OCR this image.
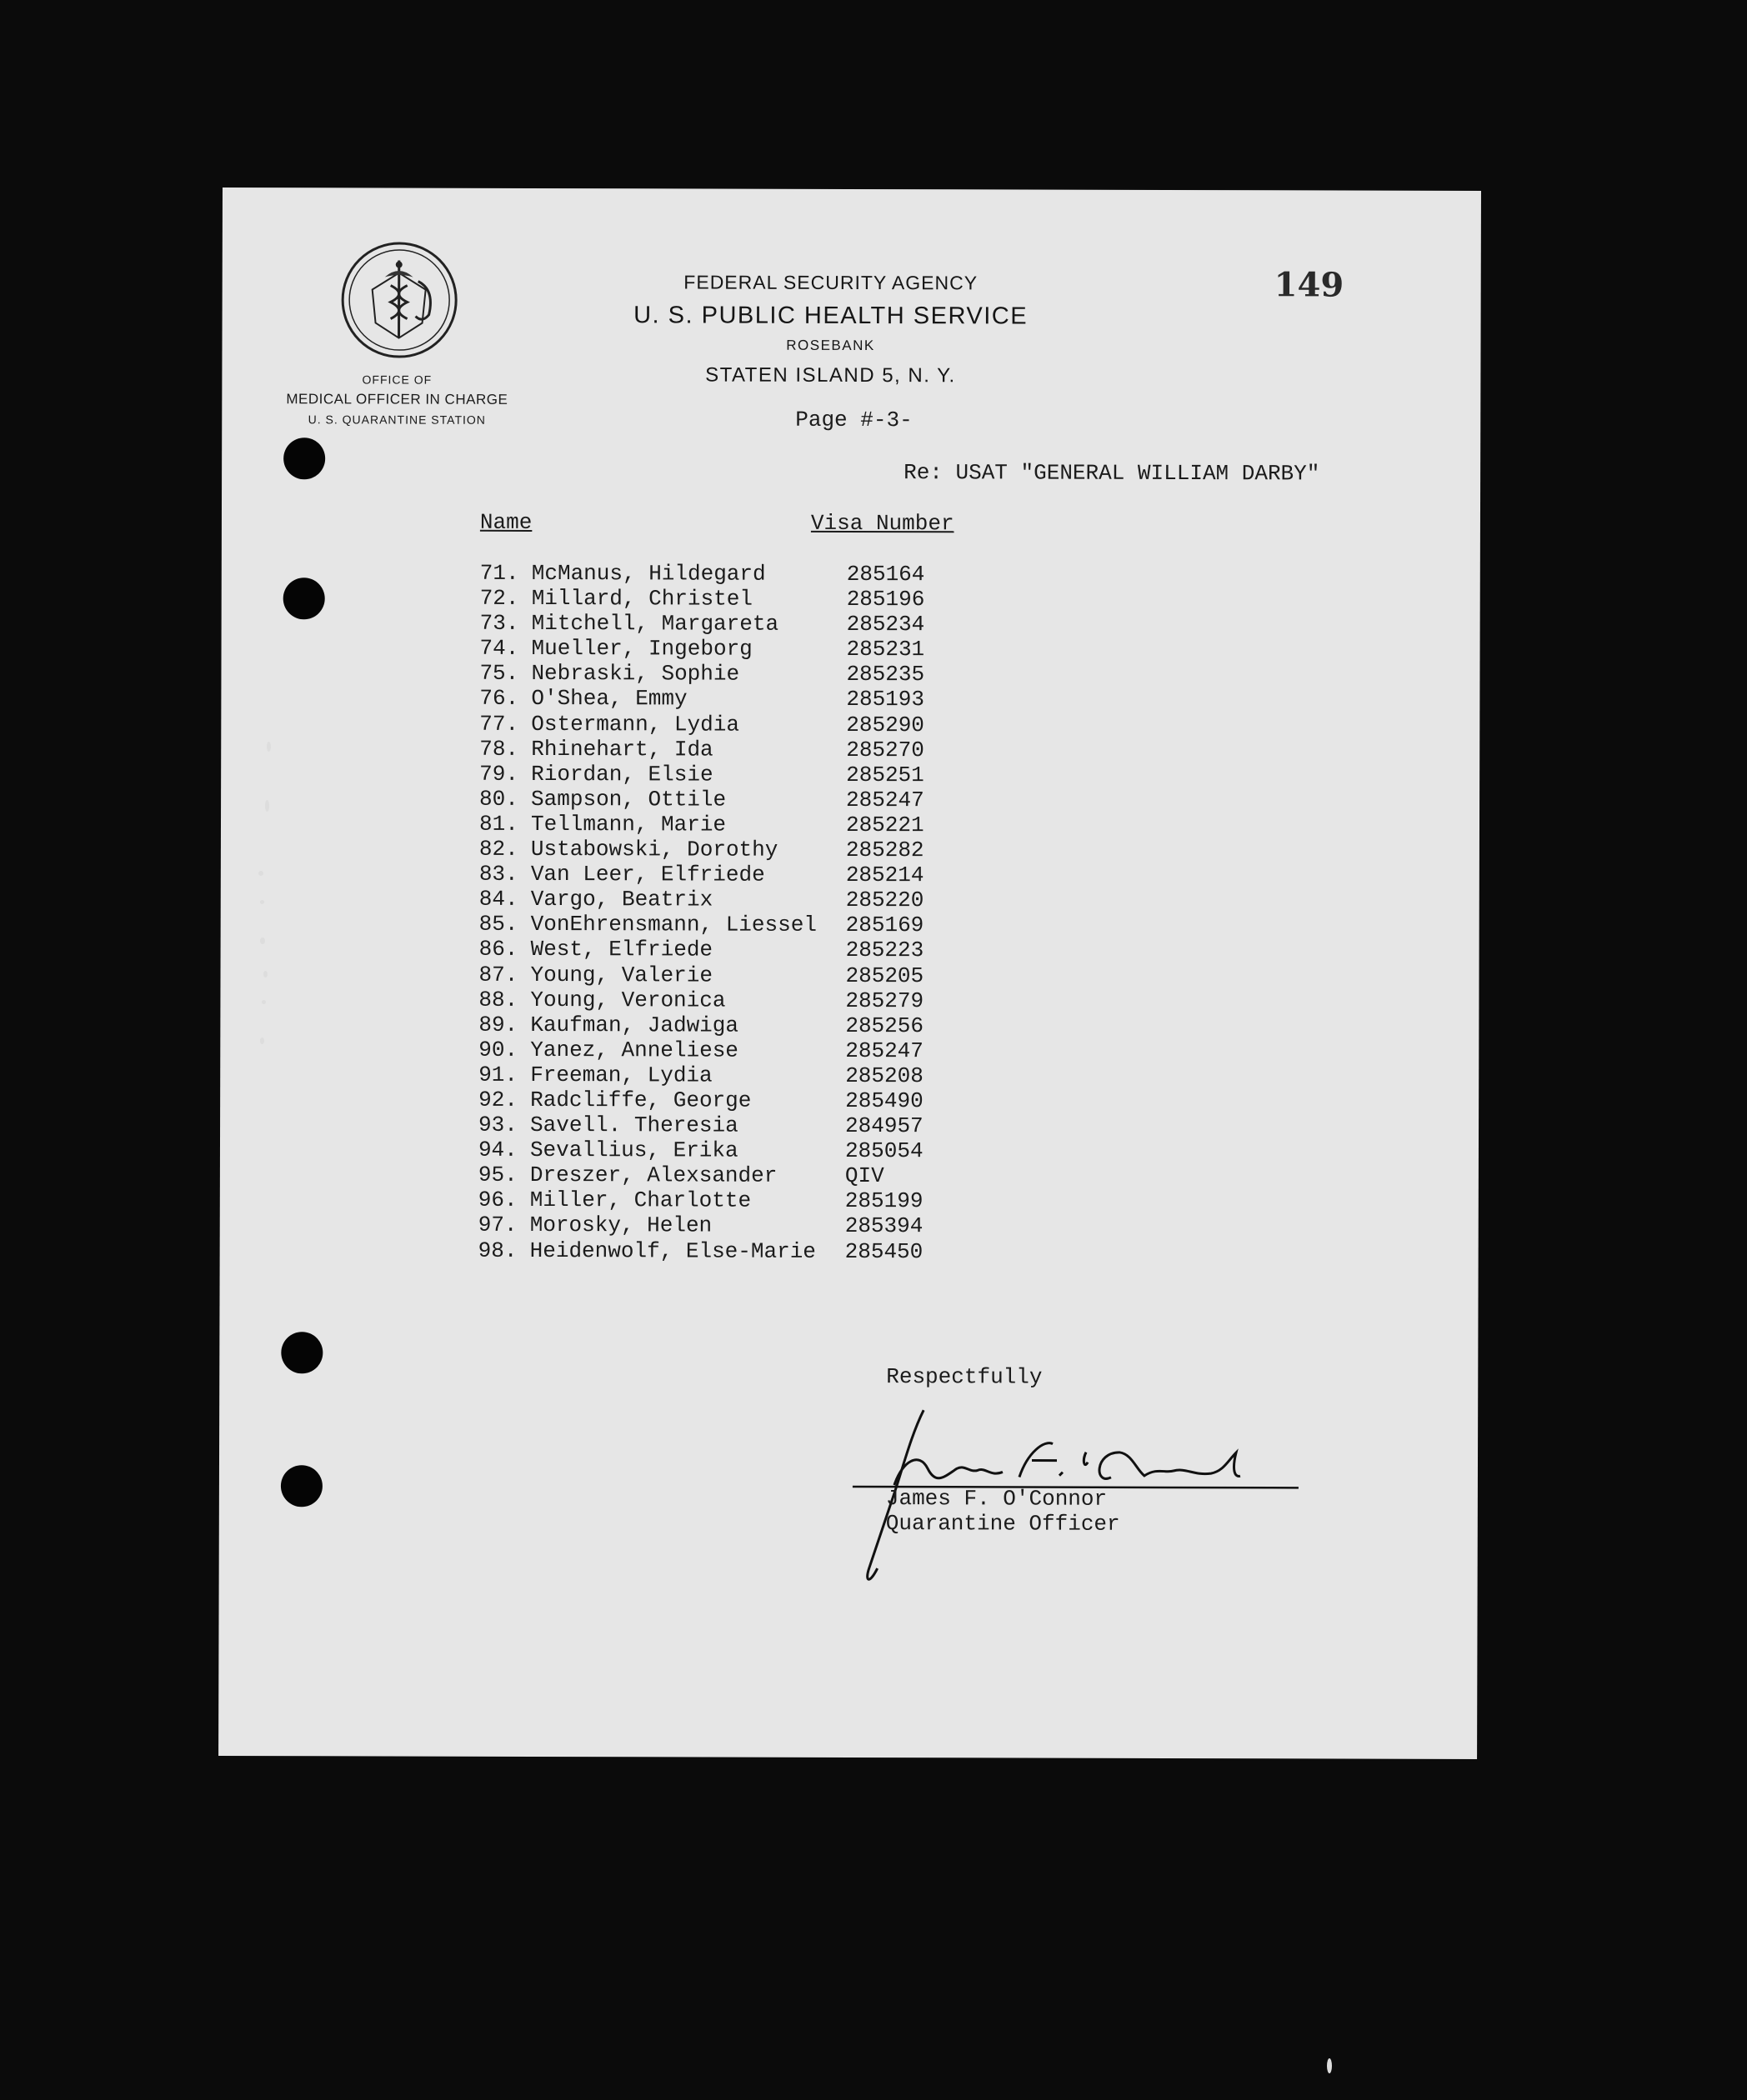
OFFICE OF
MEDICAL OFFICER IN CHARGE
U. S. QUARANTINE STATION
FEDERAL SECURITY AGENCY
U. S. PUBLIC HEALTH SERVICE
ROSEBANK
STATEN ISLAND 5, N. Y.
149
Page #-3-
Re: USAT "GENERAL WILLIAM DARBY"
Name	Visa Number
71. McManus, Hildegard	285164
72. Millard, Christel	285196
73. Mitchell, Margareta	285234
74. Mueller, Ingeborg	285231
75. Nebraski, Sophie	285235
76. O'Shea, Emmy	285193
77. Ostermann, Lydia	285290
78. Rhinehart, Ida	285270
79. Riordan, Elsie	285251
80. Sampson, Ottile	285247
81. Tellmann, Marie	285221
82. Ustabowski, Dorothy	285282
83. Van Leer, Elfriede	285214
84. Vargo, Beatrix	285220
85. VonEhrensmann, Liessel 285169
86. West, Elfriede	285223
87. Young, Valerie	285205
88. Young, Veronica	285279
89. Kaufman, Jadwiga	285256
90. Yanez, Anneliese	285247
91. Freeman, Lydia	285208
92. Radcliffe, George	285490
93. Savell. Theresia	284957
94. Sevallius, Erika	285054
95. Dreszer, Alexsander	QIV
96. Miller, Charlotte	285199
97. Morosky, Helen	285394
98. Heidenwolf, Else-Marie 285450
Respectfully
James F. O'Connor
Quarantine Officer
